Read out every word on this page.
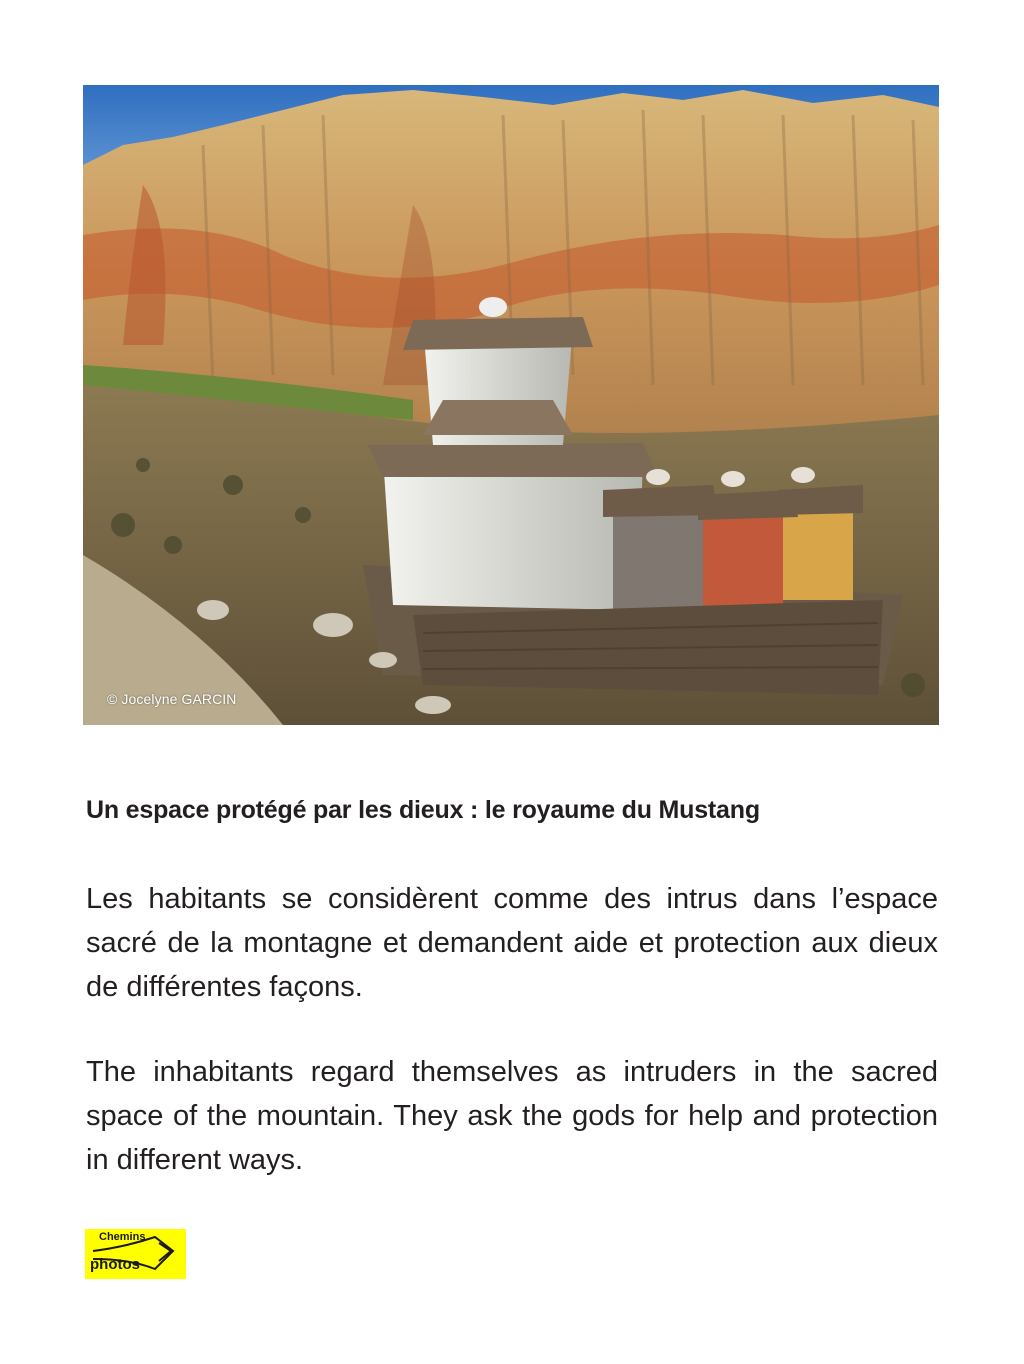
© Jocelyne GARCIN
Un espace protégé par les dieux : le royaume du Mustang

Les habitants se considèrent comme des intrus dans l’espace sacré de la montagne et demandent aide et protection aux dieux de différentes façons.

The inhabitants regard themselves as intruders in the sacred space of the mountain. They ask the gods for help and protection in different ways.

Chemins
photos
